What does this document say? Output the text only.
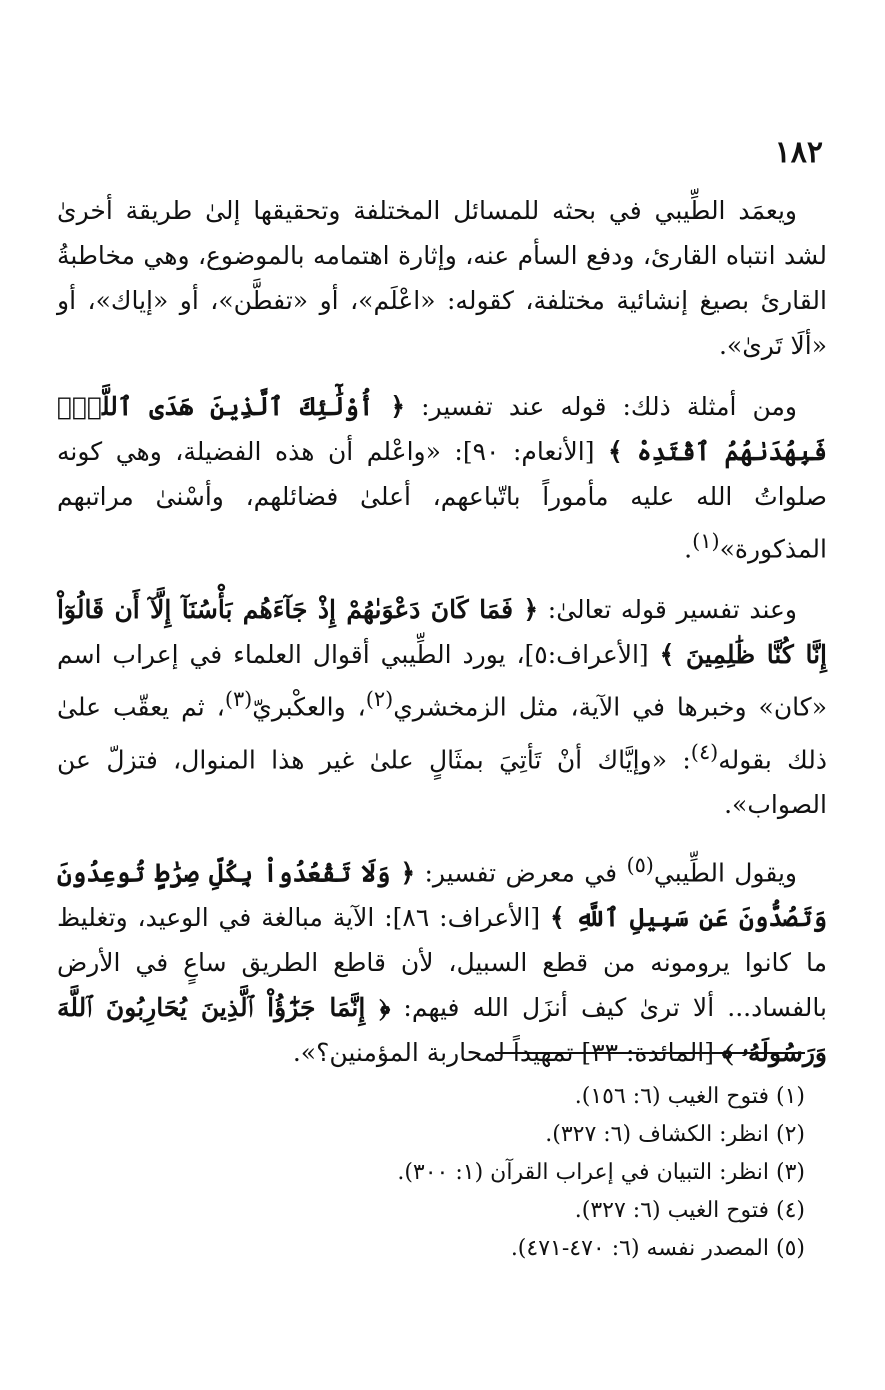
١٨٢

ويعمَد الطِّيبي في بحثه للمسائل المختلفة وتحقيقها إلىٰ طريقة أخرىٰ لشد انتباه القارئ، ودفع السأم عنه، وإثارة اهتمامه بالموضوع، وهي مخاطبةُ القارئ بصيغ إنشائية مختلفة، كقوله: «اعْلَم»، أو «تفطَّن»، أو «إياك»، أو «ألَا تَرىٰ».

ومن أمثلة ذلك: قوله عند تفسير: ﴿ أُوْلَٰٓئِكَ ٱلَّذِينَ هَدَى ٱللَّهُۖ فَبِهُدَىٰهُمُ ٱقْتَدِهْ ﴾ [الأنعام: ٩٠]: «واعْلم أن هذه الفضيلة، وهي كونه صلواتُ الله عليه مأموراً باتّباعهم، أعلىٰ فضائلهم، وأسْنىٰ مراتبهم المذكورة»$^{(١)}$.

وعند تفسير قوله تعالىٰ: ﴿ فَمَا كَانَ دَعْوَىٰهُمْ إِذْ جَآءَهُم بَأْسُنَآ إِلَّآ أَن قَالُوٓاْ إِنَّا كُنَّا ظَٰلِمِينَ ﴾ [الأعراف:٥]، يورد الطِّيبي أقوال العلماء في إعراب اسم «كان» وخبرها في الآية، مثل الزمخشري$^{(٢)}$، والعكْبريّ$^{(٣)}$، ثم يعقّب علىٰ ذلك بقوله$^{(٤)}$: «وإيَّاك أنْ تَأتِيَ بمثَالٍ علىٰ غير هذا المنوال، فتزلّ عن الصواب».

ويقول الطِّيبي$^{(٥)}$ في معرض تفسير: ﴿ وَلَا تَقْعُدُواْ بِكُلِّ صِرَٰطٍ تُوعِدُونَ وَتَصُدُّونَ عَن سَبِيلِ ٱللَّهِ ﴾ [الأعراف: ٨٦]: الآية مبالغة في الوعيد، وتغليظ ما كانوا يرومونه من قطع السبيل، لأن قاطع الطريق ساعٍ في الأرض بالفساد... ألا ترىٰ كيف أنزَل الله فيهم: ﴿ إِنَّمَا جَزَٰٓؤُاْ ٱلَّذِينَ يُحَارِبُونَ ٱللَّهَ وَرَسُولَهُۥ ﴾ [المائدة: ٣٣] تمهيداً لمحاربة المؤمنين؟».

(١) فتوح الغيب (٦: ١٥٦).

(٢) انظر: الكشاف (٦: ٣٢٧).

(٣) انظر: التبيان في إعراب القرآن (١: ٣٠٠).

(٤) فتوح الغيب (٦: ٣٢٧).

(٥) المصدر نفسه (٦: ٤٧٠-٤٧١).
